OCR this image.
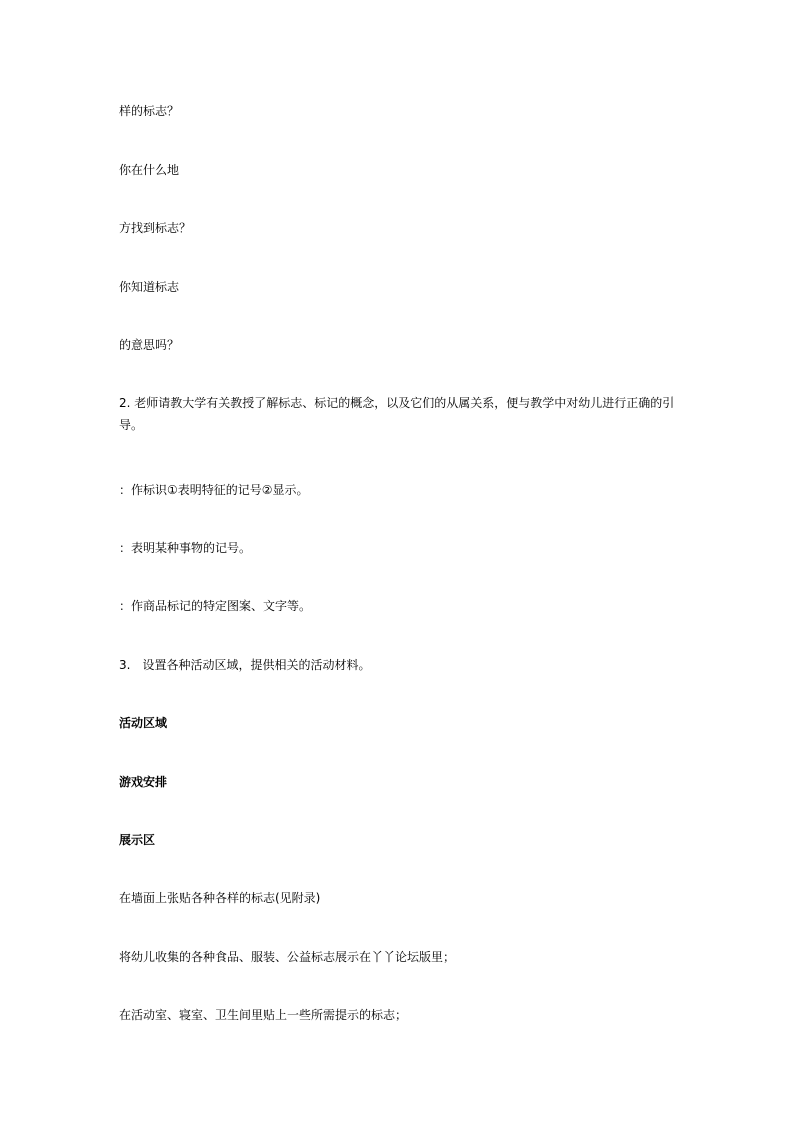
样的标志？

你在什么地

方找到标志？

你知道标志

的意思吗？

2. 老师请教大学有关教授了解标志、标记的概念，以及它们的从属关系，便与教学中对幼儿进行正确的引导。

：作标识①表明特征的记号②显示。

：表明某种事物的记号。

：作商品标记的特定图案、文字等。

3.　设置各种活动区域，提供相关的活动材料。

活动区域

游戏安排

展示区

在墙面上张贴各种各样的标志(见附录)

将幼儿收集的各种食品、服装、公益标志展示在丫丫论坛版里；

在活动室、寝室、卫生间里贴上一些所需提示的标志；
